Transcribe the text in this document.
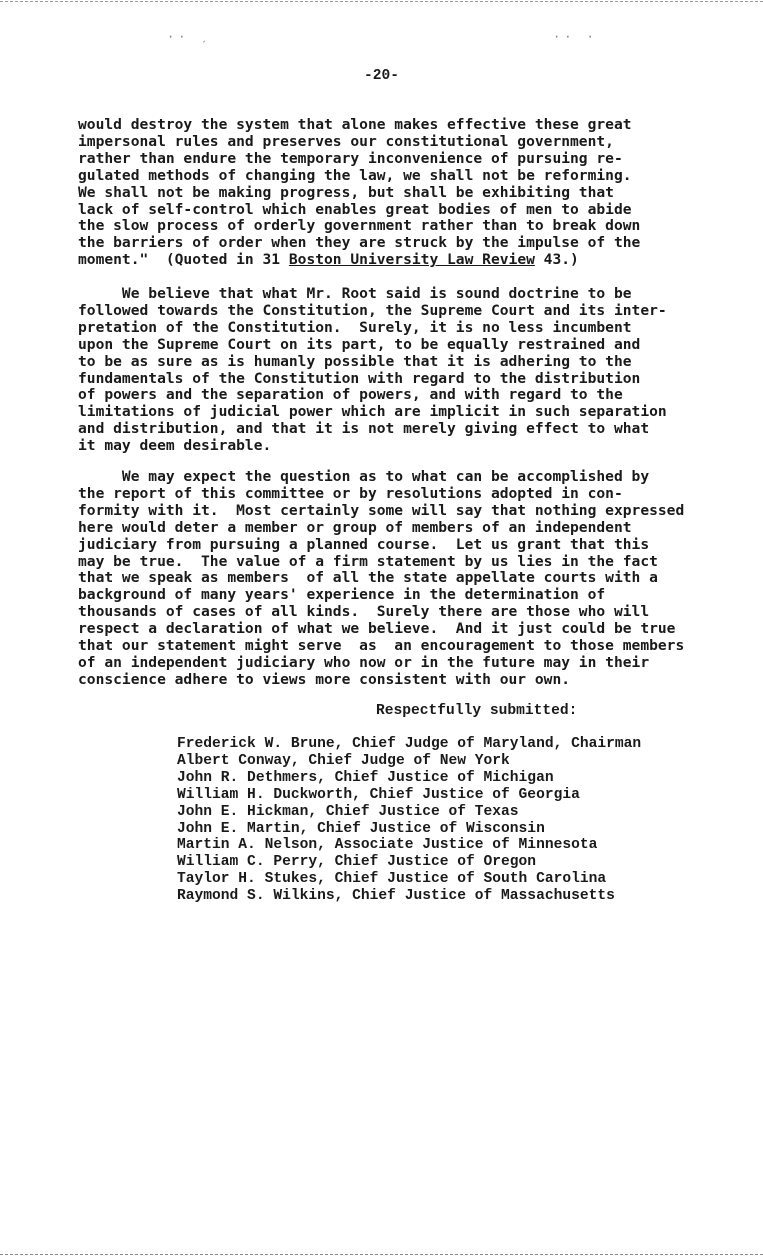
·· ˏ	·· ·
-20-
would destroy the system that alone makes effective these great
impersonal rules and preserves our constitutional government,
rather than endure the temporary inconvenience of pursuing re-
gulated methods of changing the law, we shall not be reforming.
We shall not be making progress, but shall be exhibiting that
lack of self-control which enables great bodies of men to abide
the slow process of orderly government rather than to break down
the barriers of order when they are struck by the impulse of the
moment."  (Quoted in 31 Boston University Law Review 43.)
We believe that what Mr. Root said is sound doctrine to be
followed towards the Constitution, the Supreme Court and its inter-
pretation of the Constitution.  Surely, it is no less incumbent
upon the Supreme Court on its part, to be equally restrained and
to be as sure as is humanly possible that it is adhering to the
fundamentals of the Constitution with regard to the distribution
of powers and the separation of powers, and with regard to the
limitations of judicial power which are implicit in such separation
and distribution, and that it is not merely giving effect to what
it may deem desirable.
We may expect the question as to what can be accomplished by
the report of this committee or by resolutions adopted in con-
formity with it.  Most certainly some will say that nothing expressed
here would deter a member or group of members of an independent
judiciary from pursuing a planned course.  Let us grant that this
may be true.  The value of a firm statement by us lies in the fact
that we speak as members  of all the state appellate courts with a
background of many years' experience in the determination of
thousands of cases of all kinds.  Surely there are those who will
respect a declaration of what we believe.  And it just could be true
that our statement might serve  as  an encouragement to those members
of an independent judiciary who now or in the future may in their
conscience adhere to views more consistent with our own.
Respectfully submitted:
Frederick W. Brune, Chief Judge of Maryland, Chairman
Albert Conway, Chief Judge of New York
John R. Dethmers, Chief Justice of Michigan
William H. Duckworth, Chief Justice of Georgia
John E. Hickman, Chief Justice of Texas
John E. Martin, Chief Justice of Wisconsin
Martin A. Nelson, Associate Justice of Minnesota
William C. Perry, Chief Justice of Oregon
Taylor H. Stukes, Chief Justice of South Carolina
Raymond S. Wilkins, Chief Justice of Massachusetts
